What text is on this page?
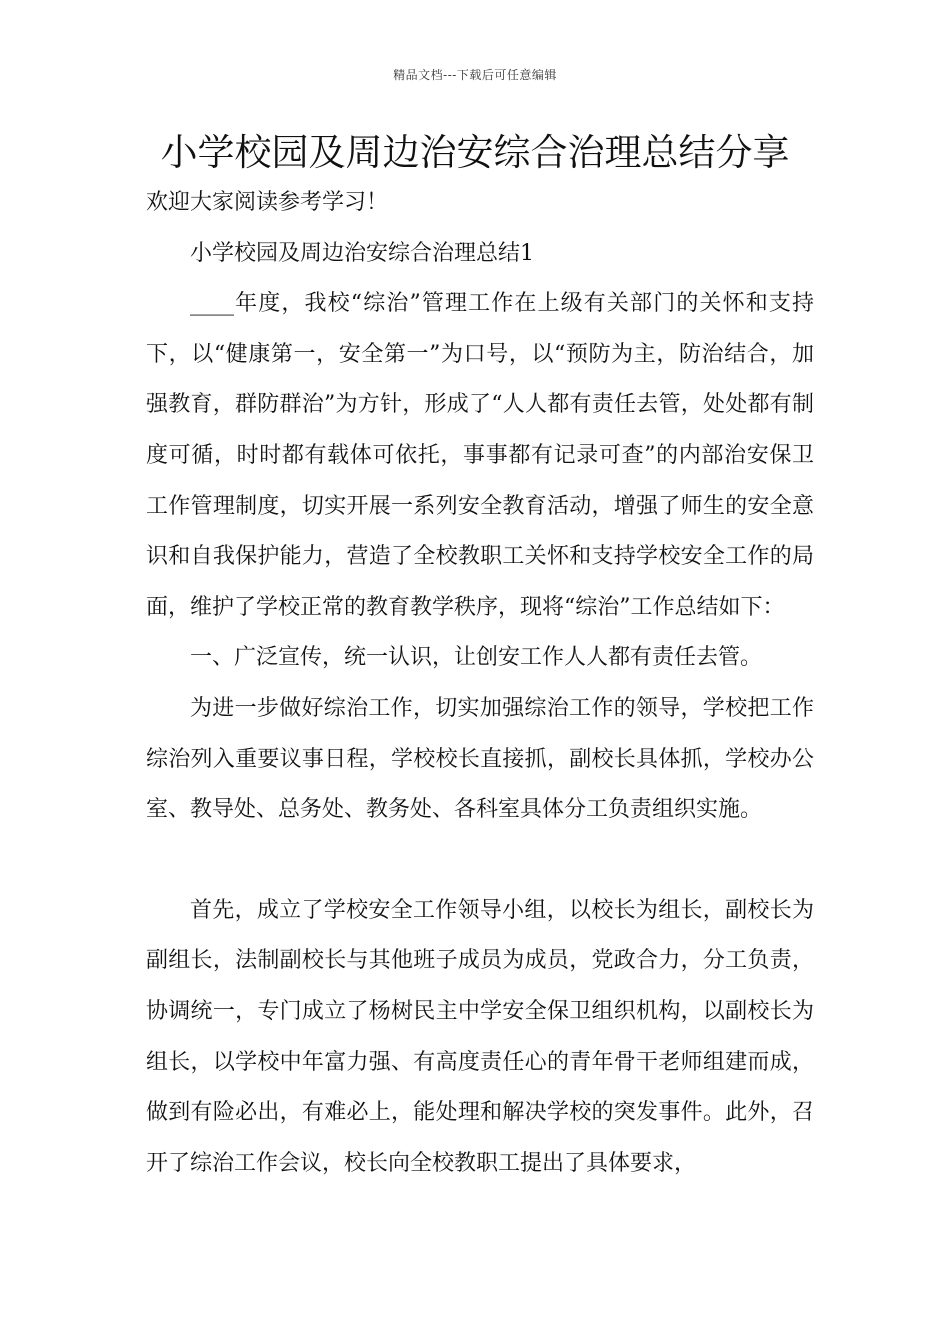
精品文档---下载后可任意编辑
小学校园及周边治安综合治理总结分享

欢迎大家阅读参考学习！

小学校园及周边治安综合治理总结1

____年度，我校“综治”管理工作在上级有关部门的关怀和支持下，以“健康第一，安全第一”为口号，以“预防为主，防治结合，加强教育，群防群治”为方针，形成了“人人都有责任去管，处处都有制度可循，时时都有载体可依托，事事都有记录可查”的内部治安保卫工作管理制度，切实开展一系列安全教育活动，增强了师生的安全意识和自我保护能力，营造了全校教职工关怀和支持学校安全工作的局面，维护了学校正常的教育教学秩序，现将“综治”工作总结如下：

一、广泛宣传，统一认识，让创安工作人人都有责任去管。

为进一步做好综治工作，切实加强综治工作的领导，学校把工作综治列入重要议事日程，学校校长直接抓，副校长具体抓，学校办公室、教导处、总务处、教务处、各科室具体分工负责组织实施。

首先，成立了学校安全工作领导小组，以校长为组长，副校长为副组长，法制副校长与其他班子成员为成员，党政合力，分工负责，协调统一，专门成立了杨树民主中学安全保卫组织机构，以副校长为组长，以学校中年富力强、有高度责任心的青年骨干老师组建而成，做到有险必出，有难必上，能处理和解决学校的突发事件。此外，召开了综治工作会议，校长向全校教职工提出了具体要求，
